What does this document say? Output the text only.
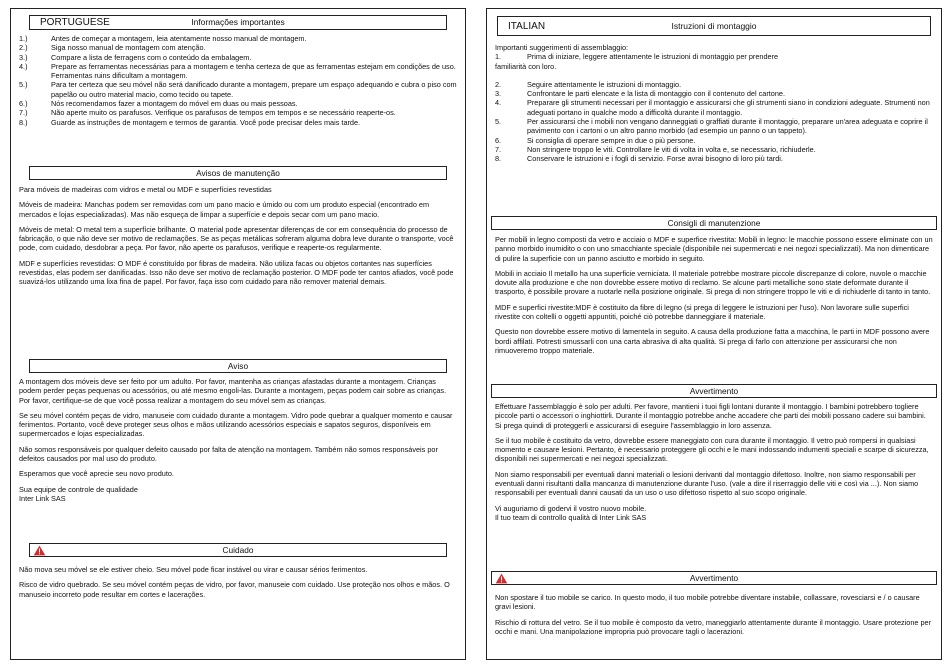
PORTUGUESE	Informações importantes
1.)	Antes de começar a montagem, leia atentamente nosso manual de montagem.
2.)	Siga nosso manual de montagem com atenção.
3.)	Compare a lista de ferragens com o conteúdo da embalagem.
4.)	Prepare as ferramentas necessárias para a montagem e tenha certeza de que as ferramentas estejam em condições de uso. Ferramentas ruins dificultam a montagem.
5.)	Para ter certeza que seu móvel não será danificado durante a montagem, prepare um espaço adequando e cubra o piso com papelão ou outro material macio, como tecido ou tapete.
6.)	Nós recomendamos fazer a montagem do móvel em duas ou mais pessoas.
7.)	Não aperte muito os parafusos. Verifique os parafusos de tempos em tempos e se necessário reaperte-os.
8.)	Guarde as instruções de montagem e termos de garantia. Você pode precisar deles mais tarde.
Avisos de manutenção

Para móveis de madeiras com vidros e metal ou MDF e superfícies revestidas

Móveis de madeira: Manchas podem ser removidas com um pano macio e úmido ou com um produto especial (encontrado em mercados e lojas especializadas). Mas não esqueça de limpar a superfície e depois secar com um pano macio.

Móveis de metal: O metal tem a superfície brilhante. O material pode apresentar diferenças de cor em consequência do processo de fabricação, o que não deve ser motivo de reclamações. Se as peças metálicas sofreram alguma dobra leve durante o transporte, você pode, com cuidado, desdobrar a peça. Por favor, não aperte os parafusos, verifique e reaperte-os regularmente.

MDF e superfícies revestidas: O MDF é constituído por fibras de madeira. Não utiliza facas ou objetos cortantes nas superfícies revestidas, elas podem ser danificadas. Isso não deve ser motivo de reclamação posterior. O MDF pode ter cantos afiados, você pode suavizá-los utilizando uma lixa fina de papel. Por favor, faça isso com cuidado para não remover material demais.

Aviso

A montagem dos móveis deve ser feito por um adulto. Por favor, mantenha as crianças afastadas durante a montagem. Crianças podem perder peças pequenas ou acessórios, ou até mesmo engoli-las. Durante a montagem, peças podem cair sobre as crianças. Por favor, certifique-se de que você possa realizar a montagem do seu móvel sem as crianças.

Se seu móvel contém peças de vidro, manuseie com cuidado durante a montagem. Vidro pode quebrar a qualquer momento e causar ferimentos. Portanto, você deve proteger seus olhos e mãos utilizando acessórios especiais e sapatos seguros, disponíveis em supermercados e lojas especializadas.

Não somos responsáveis por qualquer defeito causado por falta de atenção na montagem. Também não somos responsáveis por defeitos causados por mal uso do produto.

Esperamos que você aprecie seu novo produto.

Sua equipe de controle de qualidade
Inter Link SAS

Cuidado

Não mova seu móvel se ele estiver cheio. Seu móvel pode ficar instável ou virar e causar sérios ferimentos.

Risco de vidro quebrado. Se seu móvel contém peças de vidro, por favor, manuseie com cuidado. Use proteção nos olhos e mãos. O manuseio incorreto pode resultar em cortes e lacerações.

ITALIAN	Istruzioni di montaggio
Importanti suggerimenti di assemblaggio:
1.	Prima di iniziare, leggere attentamente le istruzioni di montaggio per prendere
familiarità con loro.
2.	Seguire attentamente le istruzioni di montaggio.
3.	Confrontare le parti elencate e la lista di montaggio con il contenuto del cartone.
4.	Preparare gli strumenti necessari per il montaggio e assicurarsi che gli strumenti siano in condizioni adeguate. Strumenti non adeguati portano in qualche modo a difficoltà durante il montaggio.
5.	Per assicurarsi che i mobili non vengano danneggiati o graffiati durante il montaggio, preparare un'area adeguata e coprire il pavimento con i cartoni o un altro panno morbido (ad esempio un panno o un tappeto).
6.	Si consiglia di operare sempre in due o più persone.
7.	Non stringere troppo le viti. Controllare le viti di volta in volta e, se necessario, richiuderle.
8.	Conservare le istruzioni e i fogli di servizio. Forse avrai bisogno di loro più tardi.
Consigli di manutenzione

Per mobili in legno composti da vetro e acciaio o MDF e superfice rivestita: Mobili in legno: le macchie possono essere eliminate con un panno morbido inumidito o con uno smacchiante speciale (disponibile nei supermercati e nei negozi specializzati). Ma non dimenticare di pulire la superficie con un panno asciutto e morbido in seguito.

Mobili in acciaio Il metallo ha una superficie verniciata. Il materiale potrebbe mostrare piccole discrepanze di colore, nuvole o macchie dovute alla produzione e che non dovrebbe essere motivo di reclamo. Se alcune parti metalliche sono state deformate durante il trasporto, è possibile provare a ruotarle nella posizione originale. Si prega di non stringere troppo le viti e di richiuderle di tanto in tanto.

MDF e superfici rivestite:MDF è costituito da fibre di legno (si prega di leggere le istruzioni per l'uso). Non lavorare sulle superfici rivestite con coltelli o oggetti appuntiti, poiché ciò potrebbe danneggiare il materiale.

Questo non dovrebbe essere motivo di lamentela in seguito. A causa della produzione fatta a macchina, le parti in MDF possono avere bordi affilati. Potresti smussarli con una carta abrasiva di alta qualità. Si prega di farlo con attenzione per assicurarsi che non rimuoveremo troppo materiale.

Avvertimento

Effettuare l'assemblaggio è solo per adulti. Per favore, mantieni i tuoi figli lontani durante il montaggio. I bambini potrebbero togliere piccole parti o accessori o inghiottirli. Durante il montaggio potrebbe anche accadere che parti dei mobili possano cadere sui bambini. Si prega quindi di proteggerli e assicurarsi di eseguire l'assemblaggio in loro assenza.

Se il tuo mobile è costituito da vetro, dovrebbe essere maneggiato con cura durante il montaggio. Il vetro può rompersi in qualsiasi momento e causare lesioni. Pertanto, è necessario proteggere gli occhi e le mani indossando indumenti speciali e scarpe di sicurezza, disponibili nei supermercati e nei negozi specializzati.

Non siamo responsabili per eventuali danni materiali o lesioni derivanti dal montaggio difettoso. Inoltre, non siamo responsabili per eventuali danni risultanti dalla mancanza di manutenzione durante l'uso. (vale a dire il riserraggio delle viti e così via ...). Non siamo responsabili per eventuali danni causati da un uso o uso difettoso rispetto al suo scopo originale.

Vi auguriamo di godervi il vostro nuovo mobile.
Il tuo team di controllo qualità di Inter Link SAS

Avvertimento

Non spostare il tuo mobile se carico. In questo modo, il tuo mobile potrebbe diventare instabile, collassare, rovesciarsi e / o causare gravi lesioni.

Rischio di rottura del vetro. Se il tuo mobile è composto da vetro, maneggiarlo attentamente durante il montaggio. Usare protezione per occhi e mani. Una manipolazione impropria può provocare tagli o lacerazioni.
